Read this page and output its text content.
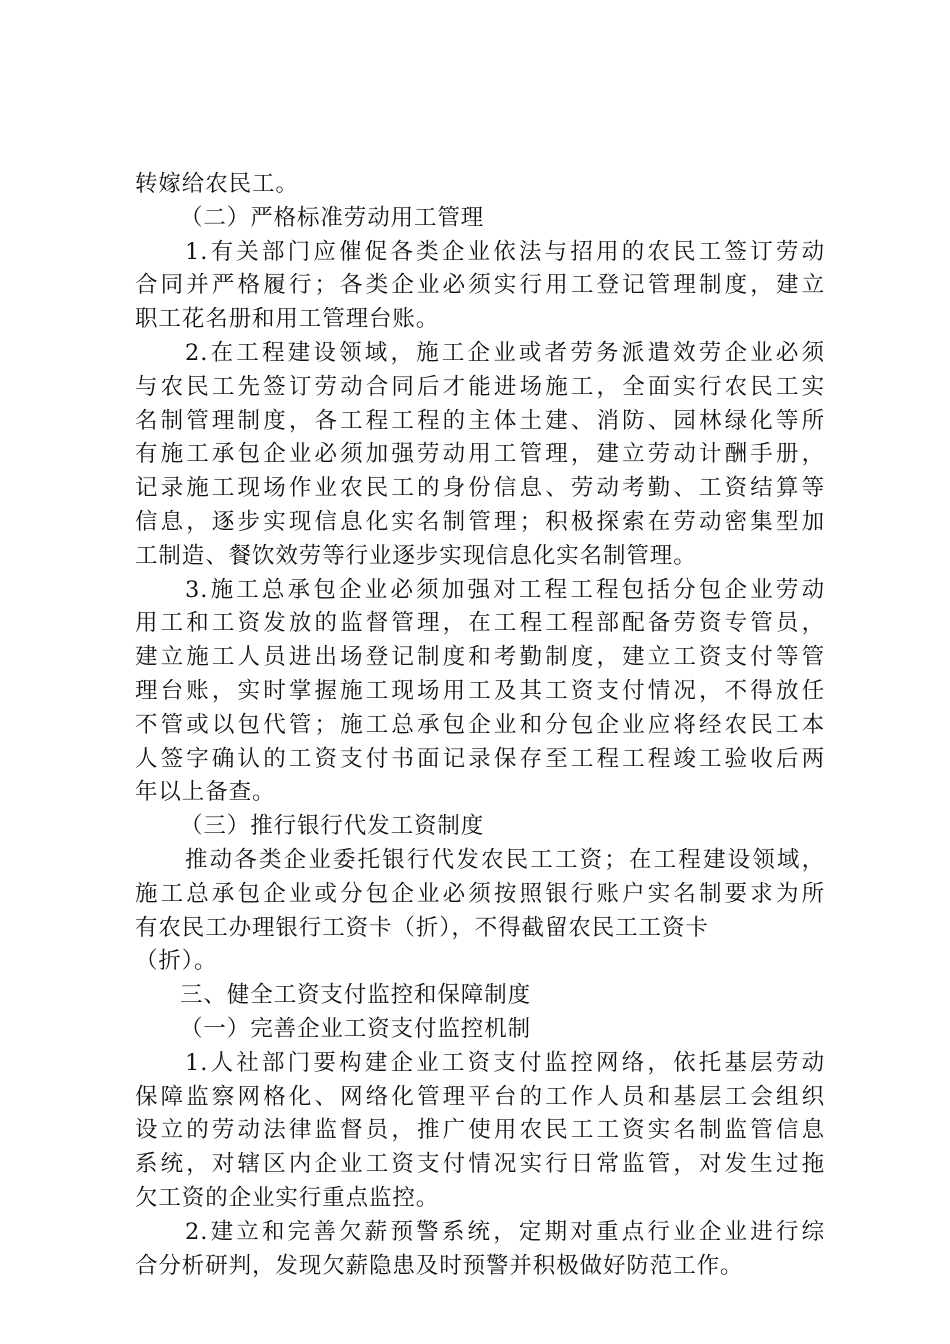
转嫁给农民工。
（二）严格标准劳动用工管理
1.有关部门应催促各类企业依法与招用的农民工签订劳动
合同并严格履行；各类企业必须实行用工登记管理制度，建立
职工花名册和用工管理台账。
2.在工程建设领域，施工企业或者劳务派遣效劳企业必须
与农民工先签订劳动合同后才能进场施工，全面实行农民工实
名制管理制度，各工程工程的主体土建、消防、园林绿化等所
有施工承包企业必须加强劳动用工管理，建立劳动计酬手册，
记录施工现场作业农民工的身份信息、劳动考勤、工资结算等
信息，逐步实现信息化实名制管理；积极探索在劳动密集型加
工制造、餐饮效劳等行业逐步实现信息化实名制管理。
3.施工总承包企业必须加强对工程工程包括分包企业劳动
用工和工资发放的监督管理，在工程工程部配备劳资专管员，
建立施工人员进出场登记制度和考勤制度，建立工资支付等管
理台账，实时掌握施工现场用工及其工资支付情况，不得放任
不管或以包代管；施工总承包企业和分包企业应将经农民工本
人签字确认的工资支付书面记录保存至工程工程竣工验收后两
年以上备查。
（三）推行银行代发工资制度
推动各类企业委托银行代发农民工工资；在工程建设领域，
施工总承包企业或分包企业必须按照银行账户实名制要求为所
有农民工办理银行工资卡（折），不得截留农民工工资卡
（折）。
三、健全工资支付监控和保障制度
（一）完善企业工资支付监控机制
1.人社部门要构建企业工资支付监控网络，依托基层劳动
保障监察网格化、网络化管理平台的工作人员和基层工会组织
设立的劳动法律监督员，推广使用农民工工资实名制监管信息
系统，对辖区内企业工资支付情况实行日常监管，对发生过拖
欠工资的企业实行重点监控。
2.建立和完善欠薪预警系统，定期对重点行业企业进行综
合分析研判，发现欠薪隐患及时预警并积极做好防范工作。
